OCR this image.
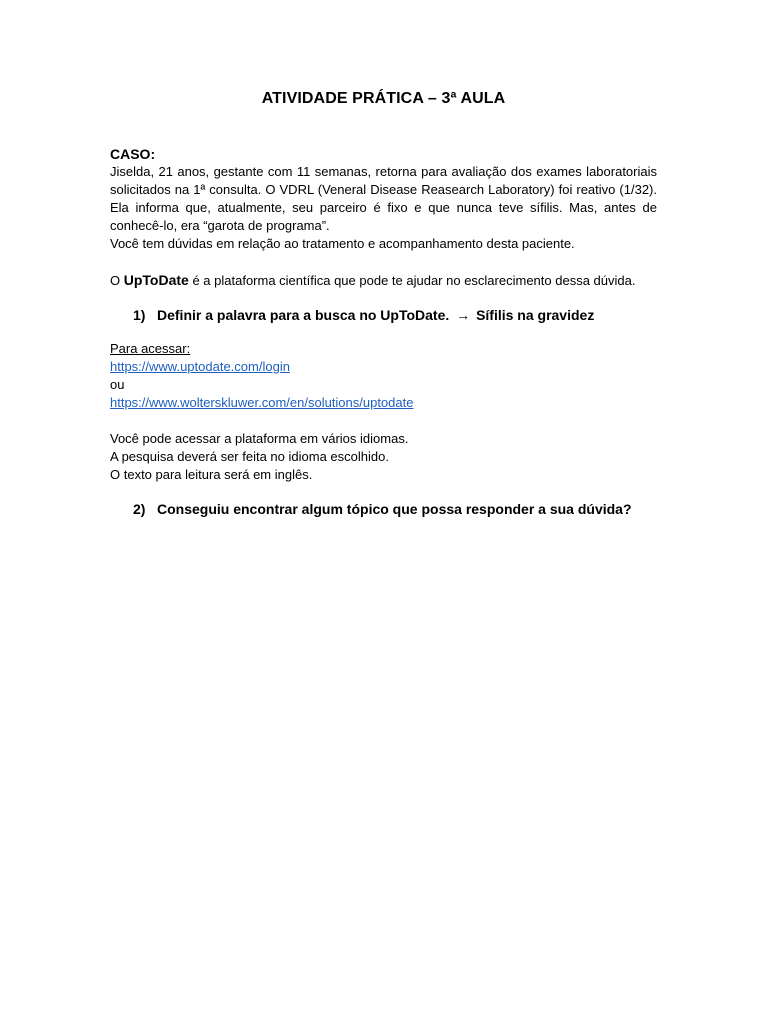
ATIVIDADE PRÁTICA – 3ª AULA
CASO:

Jiselda, 21 anos, gestante com 11 semanas, retorna para avaliação dos exames laboratoriais solicitados na 1ª consulta. O VDRL (Veneral Disease Reasearch Laboratory) foi reativo (1/32). Ela informa que, atualmente, seu parceiro é fixo e que nunca teve sífilis. Mas, antes de conhecê-lo, era “garota de programa”.

Você tem dúvidas em relação ao tratamento e acompanhamento desta paciente.

O UpToDate é a plataforma científica que pode te ajudar no esclarecimento dessa dúvida.

1) Definir a palavra para a busca no UpToDate. → Sífilis na gravidez

Para acessar:

https://www.uptodate.com/login

ou

https://www.wolterskluwer.com/en/solutions/uptodate

Você pode acessar a plataforma em vários idiomas.

A pesquisa deverá ser feita no idioma escolhido.

O texto para leitura será em inglês.

2) Conseguiu encontrar algum tópico que possa responder a sua dúvida?
